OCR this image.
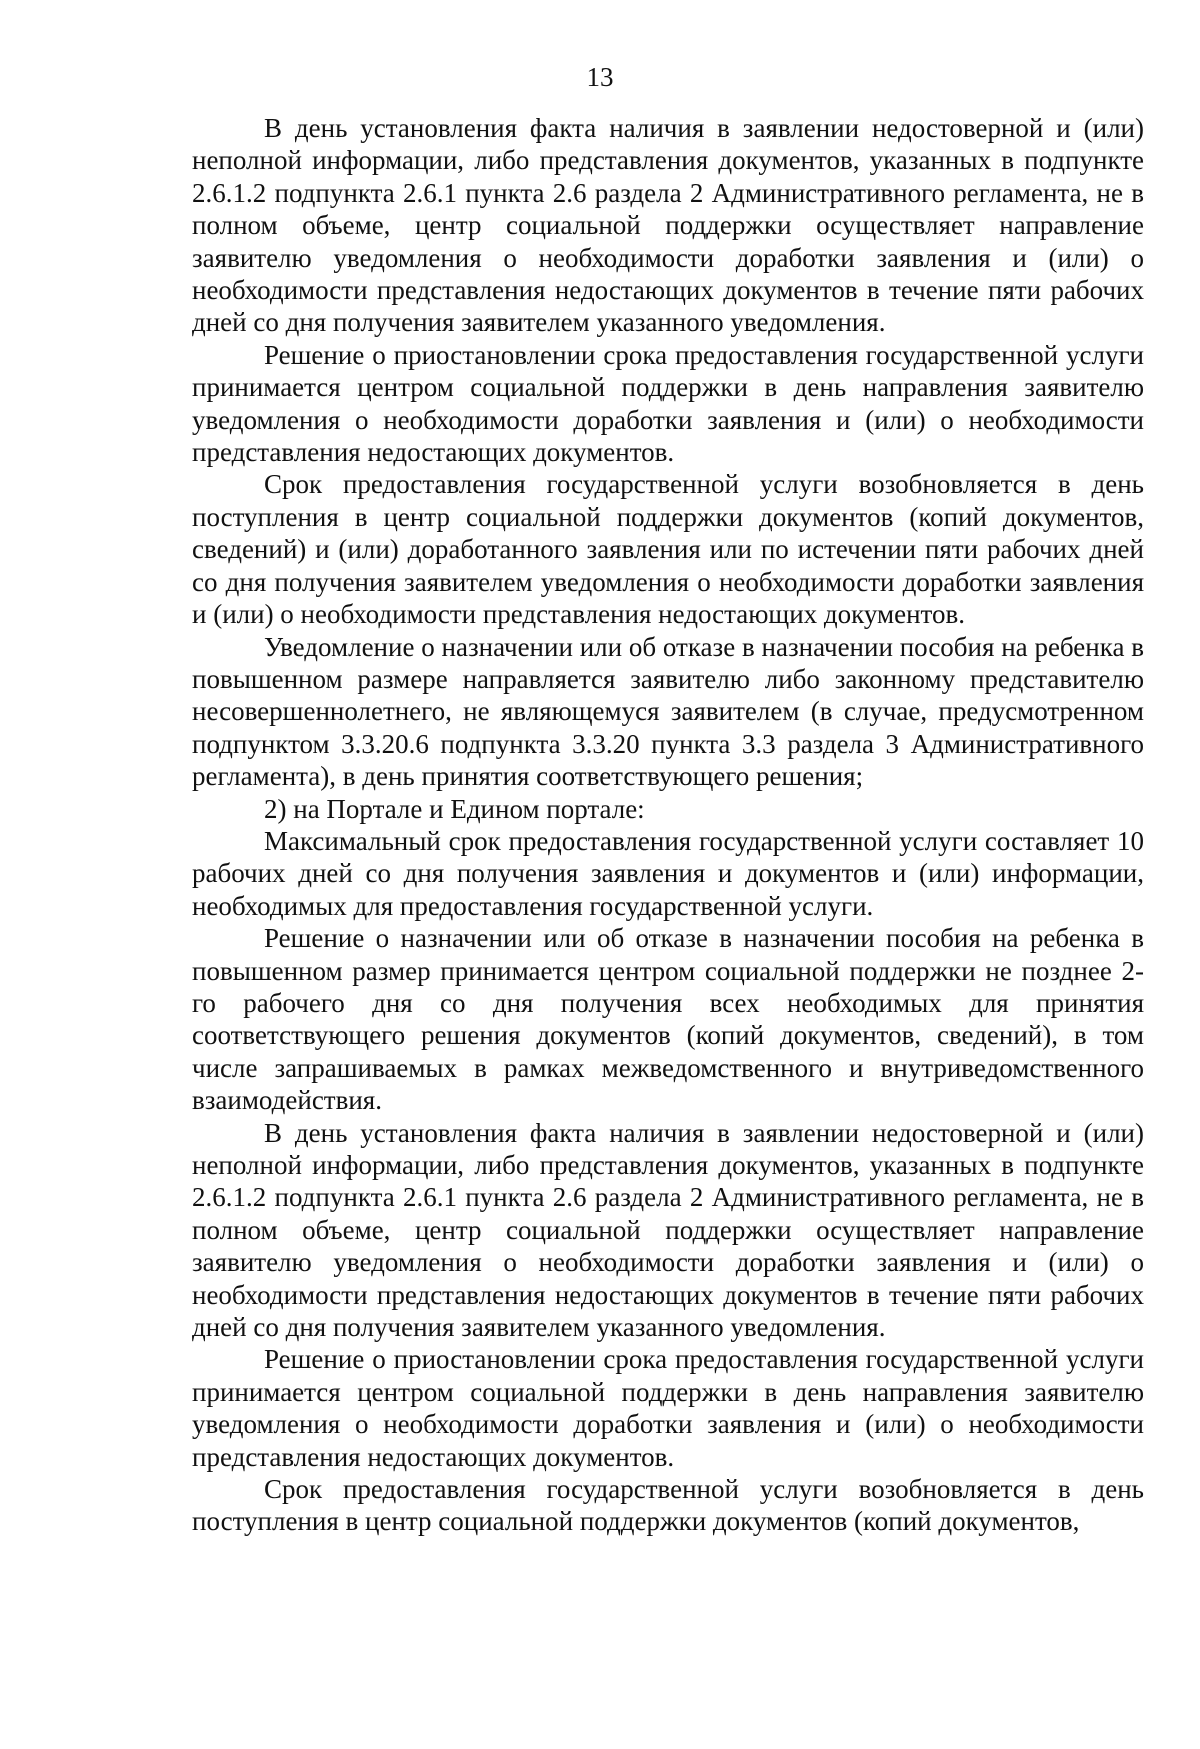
13

В день установления факта наличия в заявлении недостоверной и (или) неполной информации, либо представления документов, указанных в подпункте 2.6.1.2 подпункта 2.6.1 пункта 2.6 раздела 2 Административного регламента, не в полном объеме, центр социальной поддержки осуществляет направление заявителю уведомления о необходимости доработки заявления и (или) о необходимости представления недостающих документов в течение пяти рабочих дней со дня получения заявителем указанного уведомления.

Решение о приостановлении срока предоставления государственной услуги принимается центром социальной поддержки в день направления заявителю уведомления о необходимости доработки заявления и (или) о необходимости представления недостающих документов.

Срок предоставления государственной услуги возобновляется в день поступления в центр социальной поддержки документов (копий документов, сведений) и (или) доработанного заявления или по истечении пяти рабочих дней со дня получения заявителем уведомления о необходимости доработки заявления и (или) о необходимости представления недостающих документов.

Уведомление о назначении или об отказе в назначении пособия на ребенка в повышенном размере направляется заявителю либо законному представителю несовершеннолетнего, не являющемуся заявителем (в случае, предусмотренном подпунктом 3.3.20.6 подпункта 3.3.20 пункта 3.3 раздела 3 Административного регламента), в день принятия соответствующего решения;

2) на Портале и Едином портале:

Максимальный срок предоставления государственной услуги составляет 10 рабочих дней со дня получения заявления и документов и (или) информации, необходимых для предоставления государственной услуги.

Решение о назначении или об отказе в назначении пособия на ребенка в повышенном размер принимается центром социальной поддержки не позднее 2-го рабочего дня со дня получения всех необходимых для принятия соответствующего решения документов (копий документов, сведений), в том числе запрашиваемых в рамках межведомственного и внутриведомственного взаимодействия.

В день установления факта наличия в заявлении недостоверной и (или) неполной информации, либо представления документов, указанных в подпункте 2.6.1.2 подпункта 2.6.1 пункта 2.6 раздела 2 Административного регламента, не в полном объеме, центр социальной поддержки осуществляет направление заявителю уведомления о необходимости доработки заявления и (или) о необходимости представления недостающих документов в течение пяти рабочих дней со дня получения заявителем указанного уведомления.

Решение о приостановлении срока предоставления государственной услуги принимается центром социальной поддержки в день направления заявителю уведомления о необходимости доработки заявления и (или) о необходимости представления недостающих документов.

Срок предоставления государственной услуги возобновляется в день поступления в центр социальной поддержки документов (копий документов,
